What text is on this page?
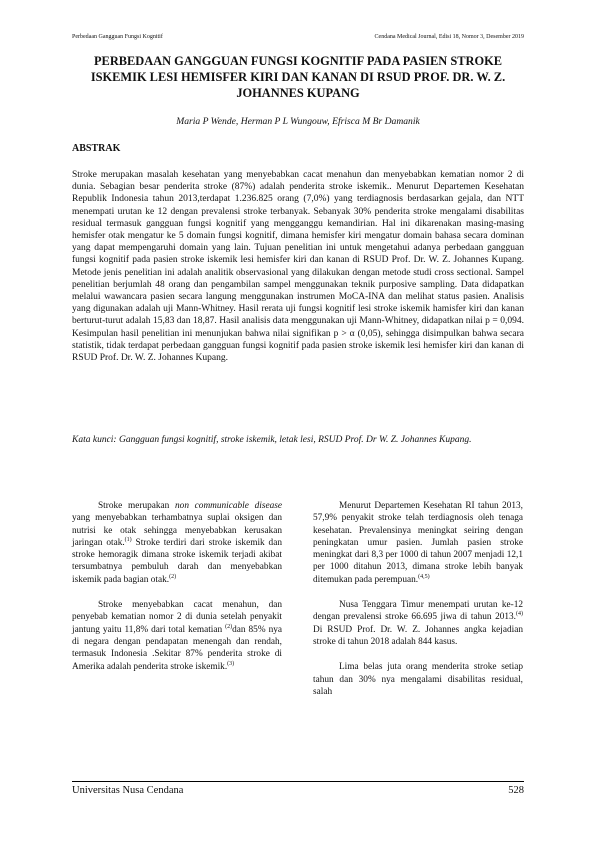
Perbedaan Gangguan Fungsi Kognitif	Cendana Medical Journal, Edisi 18, Nomor 3, Desember 2019
PERBEDAAN GANGGUAN FUNGSI KOGNITIF PADA PASIEN STROKE ISKEMIK LESI HEMISFER KIRI DAN KANAN DI RSUD PROF. DR. W. Z. JOHANNES KUPANG
Maria P Wende, Herman P L Wungouw, Efrisca M Br Damanik
ABSTRAK

Stroke merupakan masalah kesehatan yang menyebabkan cacat menahun dan menyebabkan kematian nomor 2 di dunia. Sebagian besar penderita stroke (87%) adalah penderita stroke iskemik.. Menurut Departemen Kesehatan Republik Indonesia tahun 2013,terdapat 1.236.825 orang (7,0%) yang terdiagnosis berdasarkan gejala, dan NTT menempati urutan ke 12 dengan prevalensi stroke terbanyak. Sebanyak 30% penderita stroke mengalami disabilitas residual termasuk gangguan fungsi kognitif yang mengganggu kemandirian. Hal ini dikarenakan masing-masing hemisfer otak mengatur ke 5 domain fungsi kognitif, dimana hemisfer kiri mengatur domain bahasa secara dominan yang dapat mempengaruhi domain yang lain. Tujuan penelitian ini untuk mengetahui adanya perbedaan gangguan fungsi kognitif pada pasien stroke iskemik lesi hemisfer kiri dan kanan di RSUD Prof. Dr. W. Z. Johannes Kupang. Metode jenis penelitian ini adalah analitik observasional yang dilakukan dengan metode studi cross sectional. Sampel penelitian berjumlah 48 orang dan pengambilan sampel menggunakan teknik purposive sampling. Data didapatkan melalui wawancara pasien secara langung menggunakan instrumen MoCA-INA dan melihat status pasien. Analisis yang digunakan adalah uji Mann-Whitney. Hasil rerata uji fungsi kognitif lesi stroke iskemik hamisfer kiri dan kanan berturut-turut adalah 15,83 dan 18,87. Hasil analisis data menggunakan uji Mann-Whitney, didapatkan nilai p = 0,094. Kesimpulan hasil penelitian ini menunjukan bahwa nilai signifikan p > α (0,05), sehingga disimpulkan bahwa secara statistik, tidak terdapat perbedaan gangguan fungsi kognitif pada pasien stroke iskemik lesi hemisfer kiri dan kanan di RSUD Prof. Dr. W. Z. Johannes Kupang.

Kata kunci: Gangguan fungsi kognitif, stroke iskemik, letak lesi, RSUD Prof. Dr W. Z. Johannes Kupang.

Stroke merupakan non communicable disease yang menyebabkan terhambatnya suplai oksigen dan nutrisi ke otak sehingga menyebabkan kerusakan jaringan otak.$^{(1)}$ Stroke terdiri dari stroke iskemik dan stroke hemoragik dimana stroke iskemik terjadi akibat tersumbatnya pembuluh darah dan menyebabkan iskemik pada bagian otak.$^{(2)}$

Stroke menyebabkan cacat menahun, dan penyebab kematian nomor 2 di dunia setelah penyakit jantung yaitu 11,8% dari total kematian $^{(2)}$dan 85% nya di negara dengan pendapatan menengah dan rendah, termasuk Indonesia .Sekitar 87% penderita stroke di Amerika adalah penderita stroke iskemik.$^{(3)}$

Menurut Departemen Kesehatan RI tahun 2013, 57,9% penyakit stroke telah terdiagnosis oleh tenaga kesehatan. Prevalensinya meningkat seiring dengan peningkatan umur pasien. Jumlah pasien stroke meningkat dari 8,3 per 1000 di tahun 2007 menjadi 12,1 per 1000 ditahun 2013, dimana stroke lebih banyak ditemukan pada perempuan.$^{(4,5)}$

Nusa Tenggara Timur menempati urutan ke-12 dengan prevalensi stroke 66.695 jiwa di tahun 2013.$^{(4)}$ Di RSUD Prof. Dr. W. Z. Johannes angka kejadian stroke di tahun 2018 adalah 844 kasus.

Lima belas juta orang menderita stroke setiap tahun dan 30% nya mengalami disabilitas residual, salah

Universitas Nusa Cendana	528
